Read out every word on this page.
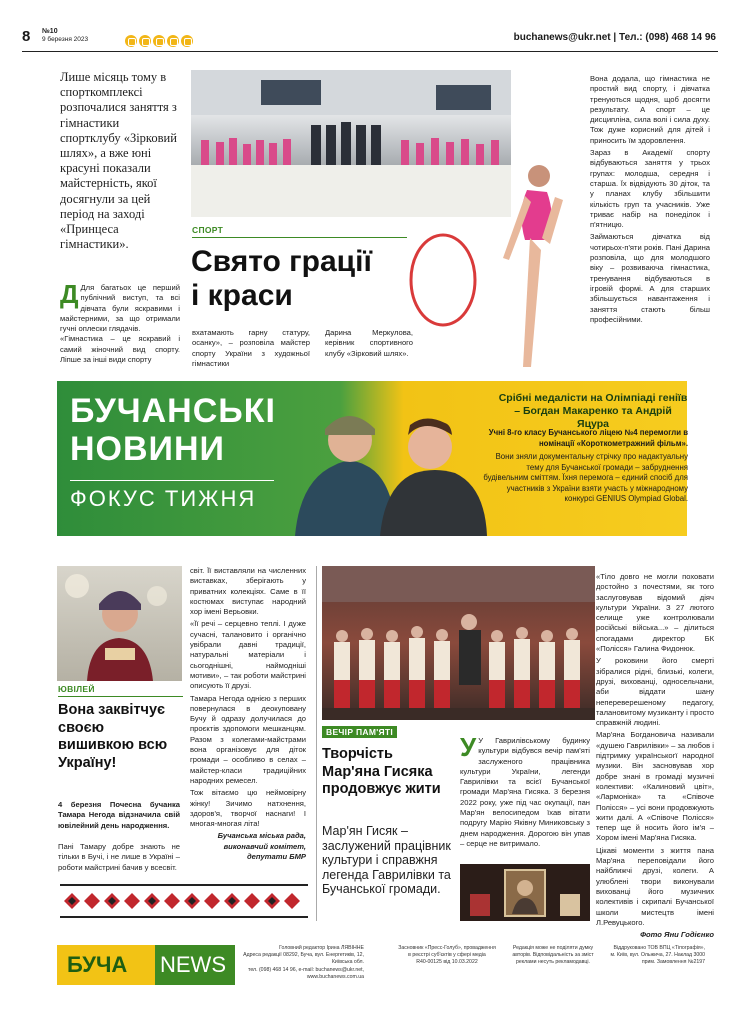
8 №10
9 березня 2023	buchanews@ukr.net | Тел.: (098) 468 14 96
Лише місяць тому в спорткомплексі розпочалися заняття з гімнастики спортклубу «Зірковий шлях», а вже юні красуні показали майстерність, якої досягнули за цей період на заході «Принцеса гімнастики».
СПОРТ
Свято грації
і краси
Д Для багатьох це перший публічний виступ, та всі дівчата були яскравими і майстерними, за що отримали гучні оплески глядачів.

«Гімнастика – це яскравий і самий жіночний вид спорту. Ліпше за інші види спорту

вхатамають гарну статуру, осанку», – розповіла майстер спорту України з художньої гімнастики
Дарина Меркулова, керівник спортивного клубу «Зірковий шлях».

Вона додала, що гімнастика не простий вид спорту, і дівчатка тренуються щодня, щоб досягти результату. А спорт – це дисципліна, сила волі і сила духу. Тож дуже корисний для дітей і приносить їм здоровлення.

Зараз в Академії спорту відбуваються заняття у трьох групах: молодша, середня і старша. Їх відвідують 30 діток, та у планах клубу збільшити кількість груп та учасників. Уже триває набір на понеділок і п'ятницю.

Займаються дівчатка від чотирьох-п'яти років. Пані Дарина розповіла, що для молодшого віку – розвиваюча гімнастика, тренування відбуваються в ігровій формі. А для старших збільшується навантаження і заняття стають більш професійними.

БУЧАНСЬКІ
НОВИНИ
ФОКУС ТИЖНЯ
Срібні медалісти на Олімпіаді геніїв – Богдан Макаренко та Андрій Яцура
Учні 8-го класу Бучанського ліцею №4 перемогли в номінації «Короткометражний фільм».
Вони зняли документальну стрічку про надактуальну тему для Бучанської громади – забруднення будівельним сміттям. Їхня перемога – єдиний спосіб для участників з України взяти участь у міжнародному конкурсі GENIUS Olympiad Global.
ЮВІЛЕЙ
Вона заквітчує своєю вишивкою всю Україну!
4 березня Почесна бучанка Тамара Негода відзначила свій ювілейний день народження.
Пані Тамару добре знають не тільки в Бучі, і не лише в Україні – роботи майстрині бачив у всесвіт.

світ. Її виставляли на численних виставках, зберігають у приватних колекціях. Саме в її костюмах виступає народний хор імені Верьовки.

«Її речі – серцевно теплі. І дуже сучасні, талановито і органічно увібрали давні традиції, натуральні матеріали і сьогоднішні, наймодніші мотиви», – так роботи майстрині описують її друзі.

Тамара Негода однією з перших повернулася в деокуповану Бучу й одразу долучилася до проєктів здопомоги мешканцям. Разом з колегами-майстрами вона організовує для діток громади – особливо в селах – майстер-класи традиційних народних ремесел.

Тож вітаємо цю неймовірну жінку! Зичимо натхнення, здоров'я, творчої наснаги! І многая-многая літа!

Бучанська міська рада, виконавчий комітет, депутати БМР

ВЕЧІР ПАМ'ЯТІ
Творчість Мар'яна Гисяка продовжує жити
Мар'ян Гисяк – заслужений працівник культури і справжня легенда Гаврилівки та Бучанської громади.
У У Гаврилівському будинку культури відбувся вечір пам'яті заслуженого працівника культури України, легенди Гаврилівки та всієї Бучанської громади Мар'яна Гисяка. 3 березня 2022 року, уже під час окупації, пан Мар'ян велосипедом їхав вітати подругу Марію Яківну Миниковську з днем народження. Дорогою він упав – серце не витримало.

«Тіло довго не могли поховати достойно з почестями, як того заслуговував відомий діяч культури України. З 27 лютого селище уже контролювали російські війська...» – ділиться спогадами директор БК «Полісся» Галина Фидонюк.

У роковини його смерті зібралися рідні, близькі, колеги, друзі, вихованці, односельчани, аби віддати шану непереверешеному педагогу, талановитому музиканту і просто справжній людині.

Мар'яна Богдановича називали «душею Гаврилівки» – за любов і підтримку українськогї народної музики. Він засновував хор добре знані в громаді музичні колективи: «Калиновий цвіт», «Лармоніка» та «Співоче Полісся» – усі вони продовжують жити далі. А «Співоче Полісся» тепер ще й носить його ім'я – Хором імені Мар'яна Гисяка.

Цікаві моменти з життя пана Мар'яна переповідали його найближчі друзі, колеги. А улюблені твори виконували вихованці його музичних колективів і скрипалі Бучанської школи мистецтв імені Л.Ревуцького.

Фото Яни Годієнко

БУЧА NEWS
Головний редактор Ірина ЛЯВІННЕ
Адреса редакції 08292, Буча, вул. Енергетиків, 12, Київська обл.
тел. (098) 468 14 96, e-mail: buchanews@ukr.net, www.buchanews.com.ua
Засновник «Пресс-Голуб», провадження в реєстрі суб'єктів у сфері медіа
R40-00125 від 10.03.2022
Редакція може не поділяти думку авторів. Відповідальність за зміст реклами несуть рекламодавці.
Віддруковано ТОВ ВПЦ «Тіпографія», м. Київ, вул. Ольжича, 27. Наклад 3000 прим. Замовлення №2197
